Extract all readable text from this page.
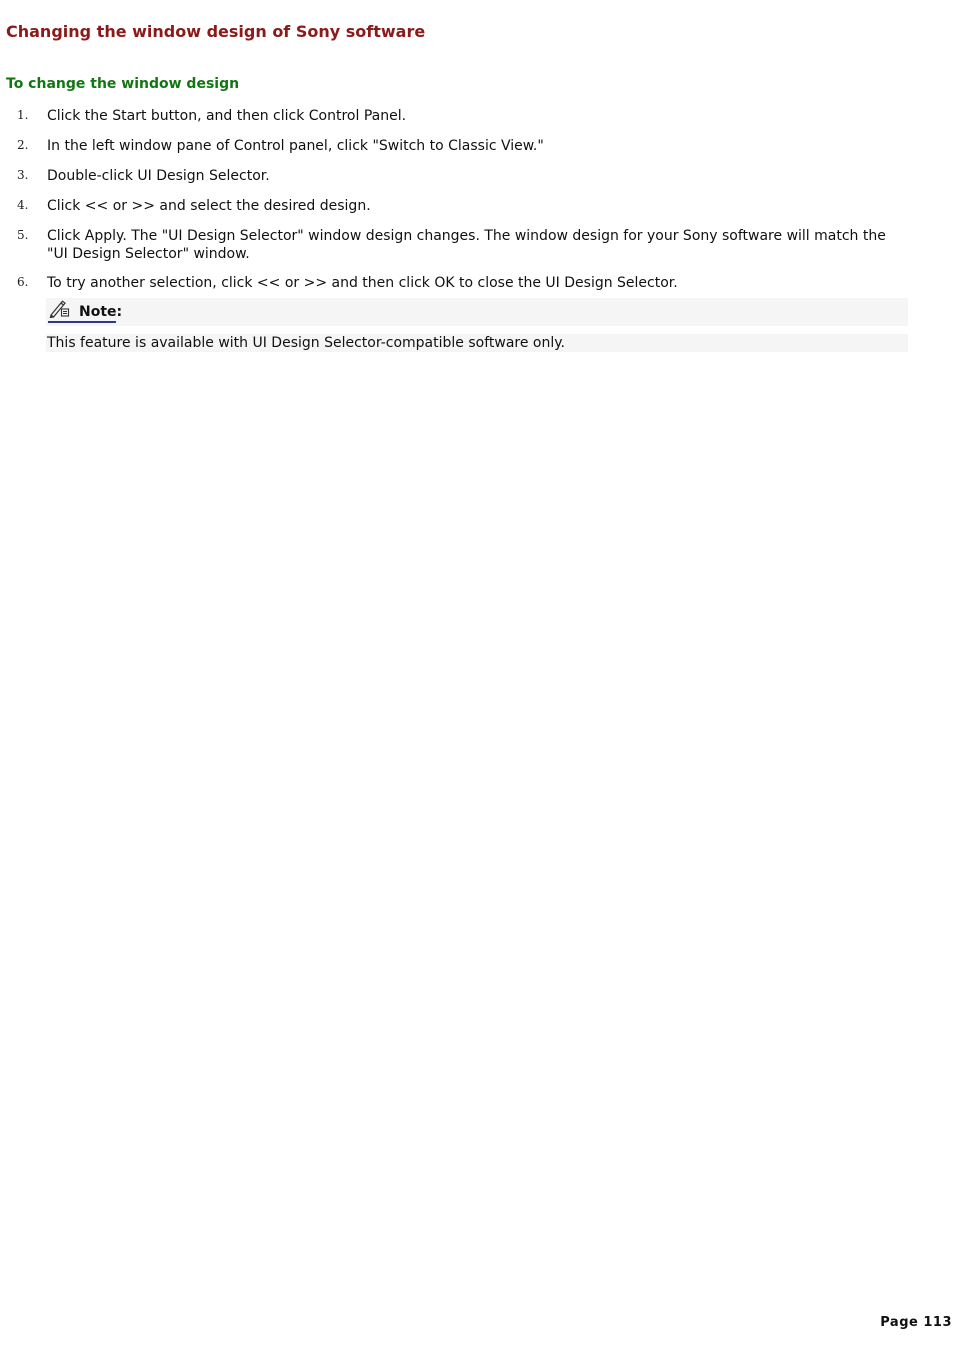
Changing the window design of Sony software
To change the window design
1. Click the Start button, and then click Control Panel.
2. In the left window pane of Control panel, click "Switch to Classic View."
3. Double-click UI Design Selector.
4. Click << or >> and select the desired design.
5. Click Apply. The "UI Design Selector" window design changes. The window design for your Sony software will match the "UI Design Selector" window.
6. To try another selection, click << or >> and then click OK to close the UI Design Selector.
Note:
This feature is available with UI Design Selector-compatible software only.
Page 113
